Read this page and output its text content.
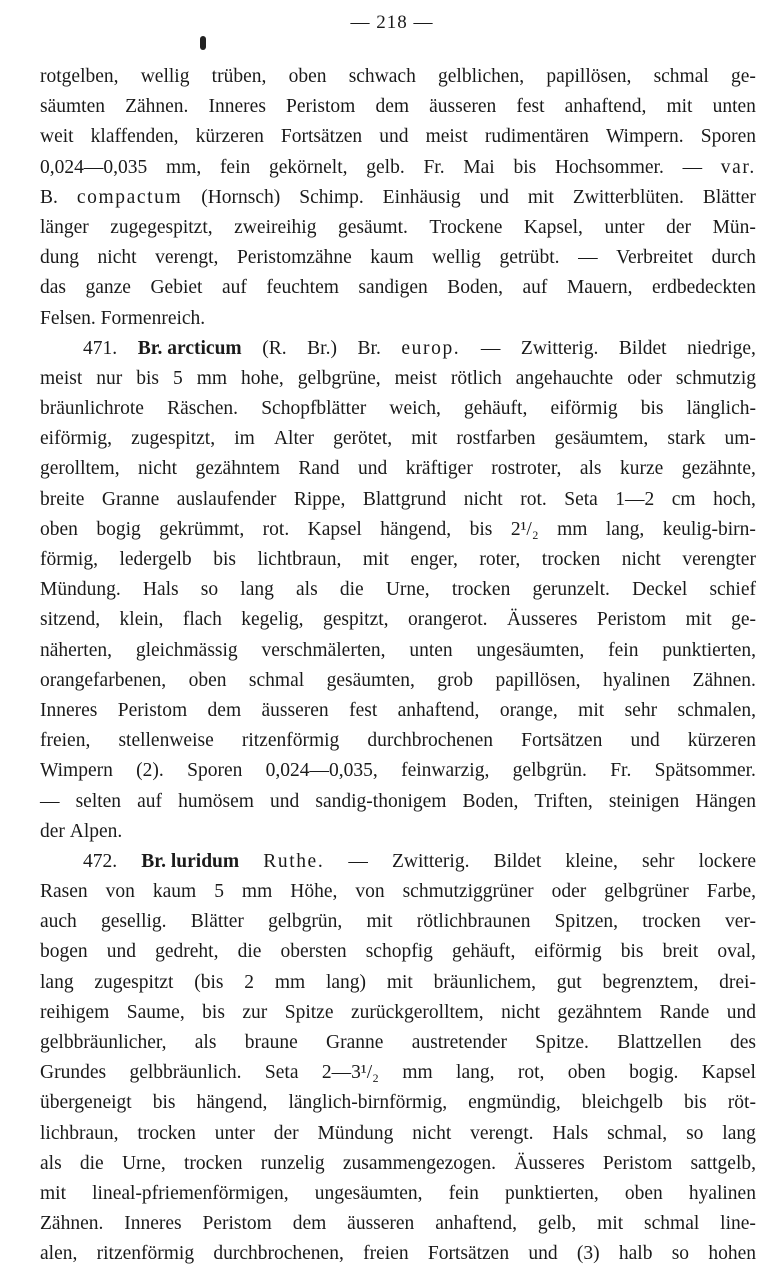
— 218 —
rotgelben, wellig trüben, oben schwach gelblichen, papillösen, schmal ge-
säumten Zähnen. Inneres Peristom dem äusseren fest anhaftend, mit unten
weit klaffenden, kürzeren Fortsätzen und meist rudimentären Wimpern. Sporen
0,024—0,035 mm, fein gekörnelt, gelb. Fr. Mai bis Hochsommer. — var.
B. compactum (Hornsch) Schimp. Einhäusig und mit Zwitterblüten. Blätter
länger zugegespitzt, zweireihig gesäumt. Trockene Kapsel, unter der Mün-
dung nicht verengt, Peristomzähne kaum wellig getrübt. — Verbreitet durch
das ganze Gebiet auf feuchtem sandigen Boden, auf Mauern, erdbedeckten
Felsen.
Formenreich.
471. Br. arcticum (R. Br.) Br. europ. — Zwitterig. Bildet niedrige,
meist nur bis 5 mm hohe, gelbgrüne, meist rötlich angehauchte oder schmutzig
bräunlichrote Räschen. Schopfblätter weich, gehäuft, eiförmig bis länglich-
eiförmig, zugespitzt, im Alter gerötet, mit rostfarben gesäumtem, stark um-
gerolltem, nicht gezähntem Rand und kräftiger rostroter, als kurze gezähnte,
breite Granne auslaufender Rippe, Blattgrund nicht rot. Seta 1—2 cm hoch,
oben bogig gekrümmt, rot. Kapsel hängend, bis 2¹/₂ mm lang, keulig-birn-
förmig, ledergelb bis lichtbraun, mit enger, roter, trocken nicht verengter
Mündung. Hals so lang als die Urne, trocken gerunzelt. Deckel schief
sitzend, klein, flach kegelig, gespitzt, orangerot. Äusseres Peristom mit ge-
näherten, gleichmässig verschmälerten, unten ungesäumten, fein punktierten,
orangefarbenen, oben schmal gesäumten, grob papillösen, hyalinen Zähnen.
Inneres Peristom dem äusseren fest anhaftend, orange, mit sehr schmalen,
freien, stellenweise ritzenförmig durchbrochenen Fortsätzen und kürzeren
Wimpern (2). Sporen 0,024—0,035, feinwarzig, gelbgrün. Fr. Spätsommer.
— selten auf humösem und sandig-thonigem Boden, Triften, steinigen Hängen
der
Alpen.
472. Br. luridum Ruthe. — Zwitterig. Bildet kleine, sehr lockere
Rasen von kaum 5 mm Höhe, von schmutziggrüner oder gelbgrüner Farbe,
auch gesellig. Blätter gelbgrün, mit rötlichbraunen Spitzen, trocken ver-
bogen und gedreht, die obersten schopfig gehäuft, eiförmig bis breit oval,
lang zugespitzt (bis 2 mm lang) mit bräunlichem, gut begrenztem, drei-
reihigem Saume, bis zur Spitze zurückgerolltem, nicht gezähntem Rande und
gelbbräunlicher, als braune Granne austretender Spitze. Blattzellen des
Grundes gelbbräunlich. Seta 2—3¹/₂ mm lang, rot, oben bogig. Kapsel
übergeneigt bis hängend, länglich-birnförmig, engmündig, bleichgelb bis röt-
lichbraun, trocken unter der Mündung nicht verengt. Hals schmal, so lang
als die Urne, trocken runzelig zusammengezogen. Äusseres Peristom sattgelb,
mit lineal-pfriemenförmigen, ungesäumten, fein punktierten, oben hyalinen
Zähnen. Inneres Peristom dem äusseren anhaftend, gelb, mit schmal line-
alen, ritzenförmig durchbrochenen, freien Fortsätzen und (3) halb so hohen
